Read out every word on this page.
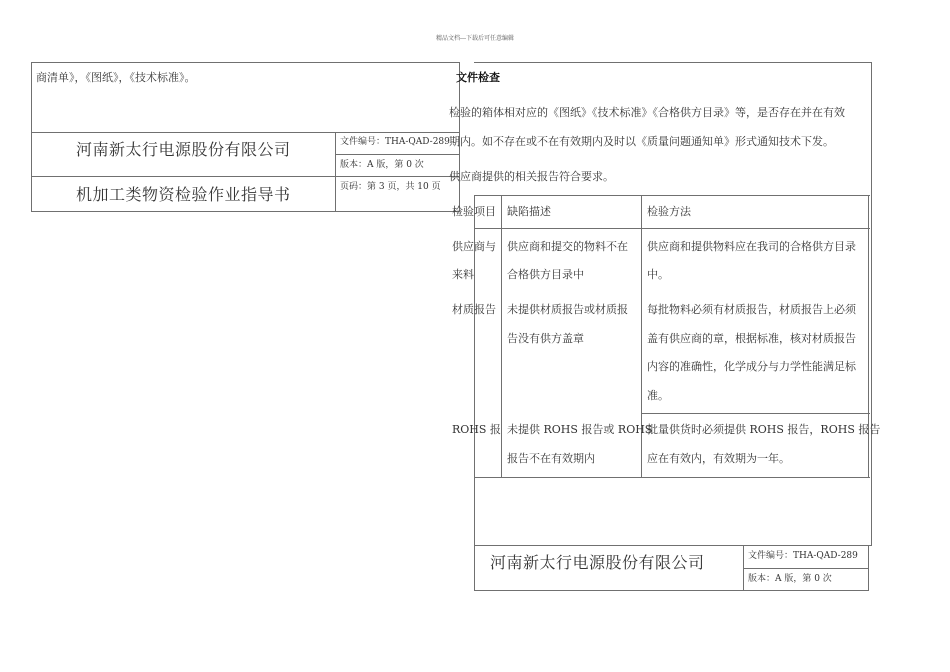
精品文档---下载后可任意编辑
商清单》，《图纸》，《技术标准》。
河南新太行电源股份有限公司
机加工类物资检验作业指导书
文件编号：THA-QAD-289
版本：A 版，第 0 次
页码：第 3 页，共 10 页
文件检查
检验的箱体相对应的《图纸》《技术标准》《合格供方目录》等，是否存在并在有效
期内。如不存在或不在有效期内及时以《质量问题通知单》形式通知技术下发。
供应商提供的相关报告符合要求。
检验项目 缺陷描述	检验方法
供应商与
来料
供应商和提交的物料不在
合格供方目录中
供应商和提供物料应在我司的合格供方目录
中。
材质报告 未提供材质报告或材质报
告没有供方盖章
每批物料必须有材质报告，材质报告上必须
盖有供应商的章，根据标准，核对材质报告
内容的准确性，化学成分与力学性能满足标
准。
ROHS 报 未提供 ROHS 报告或 ROHS
报告不在有效期内
批量供货时必须提供 ROHS 报告，ROHS 报告
应在有效内，有效期为一年。
河南新太行电源股份有限公司	文件编号：THA-QAD-289
版本：A 版，第 0 次
